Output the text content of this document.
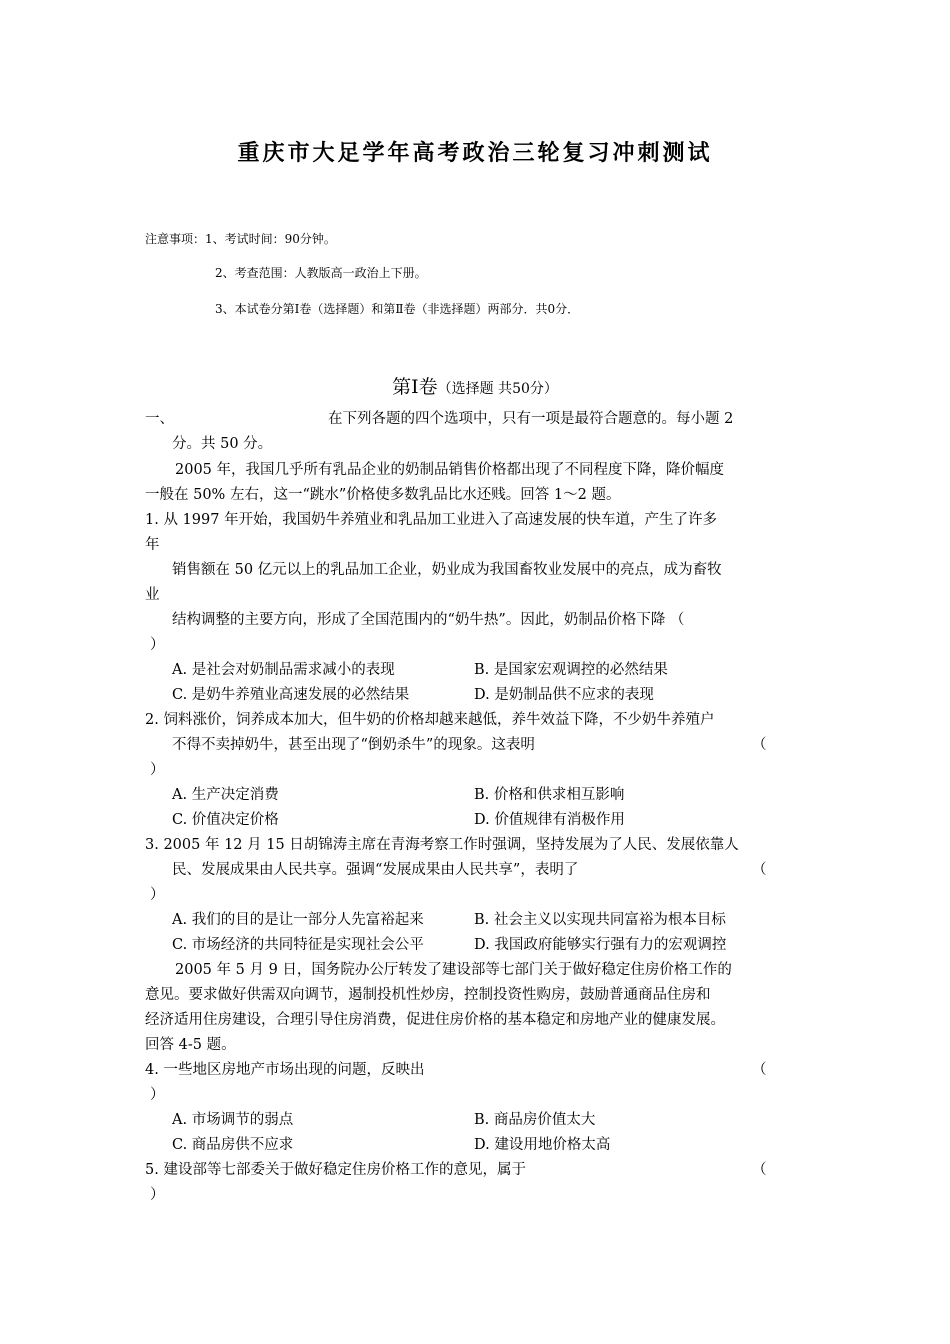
重庆市大足学年高考政治三轮复习冲刺测试
注意事项：1、考试时间：90分钟。
2、考查范围：人教版高一政治上下册。
3、本试卷分第Ⅰ卷（选择题）和第Ⅱ卷（非选择题）两部分．共0分．
第Ⅰ卷（选择题 共50分）
一、	在下列各题的四个选项中，只有一项是最符合题意的。每小题 2
分。共 50 分。
2005 年，我国几乎所有乳品企业的奶制品销售价格都出现了不同程度下降，降价幅度
一般在 50% 左右，这一“跳水”价格使多数乳品比水还贱。回答 1～2 题。
1. 从 1997 年开始，我国奶牛养殖业和乳品加工业进入了高速发展的快车道，产生了许多
年
销售额在 50 亿元以上的乳品加工企业，奶业成为我国畜牧业发展中的亮点，成为畜牧
业
结构调整的主要方向，形成了全国范围内的“奶牛热”。因此，奶制品价格下降 （
）
A. 是社会对奶制品需求减小的表现	B. 是国家宏观调控的必然结果
C. 是奶牛养殖业高速发展的必然结果	D. 是奶制品供不应求的表现
2. 饲料涨价，饲养成本加大，但牛奶的价格却越来越低，养牛效益下降，不少奶牛养殖户
不得不卖掉奶牛，甚至出现了“倒奶杀牛”的现象。这表明	（
）
A. 生产决定消费	B. 价格和供求相互影响
C. 价值决定价格	D. 价值规律有消极作用
3. 2005 年 12 月 15 日胡锦涛主席在青海考察工作时强调，坚持发展为了人民、发展依靠人
民、发展成果由人民共享。强调“发展成果由人民共享”，表明了	（
）
A. 我们的目的是让一部分人先富裕起来	B. 社会主义以实现共同富裕为根本目标
C. 市场经济的共同特征是实现社会公平	D. 我国政府能够实行强有力的宏观调控
2005 年 5 月 9 日，国务院办公厅转发了建设部等七部门关于做好稳定住房价格工作的
意见。要求做好供需双向调节，遏制投机性炒房，控制投资性购房，鼓励普通商品住房和
经济适用住房建设，合理引导住房消费，促进住房价格的基本稳定和房地产业的健康发展。
回答 4-5 题。
4. 一些地区房地产市场出现的问题，反映出	（
）
A. 市场调节的弱点	B. 商品房价值太大
C. 商品房供不应求	D. 建设用地价格太高
5. 建设部等七部委关于做好稳定住房价格工作的意见，属于	（
）
